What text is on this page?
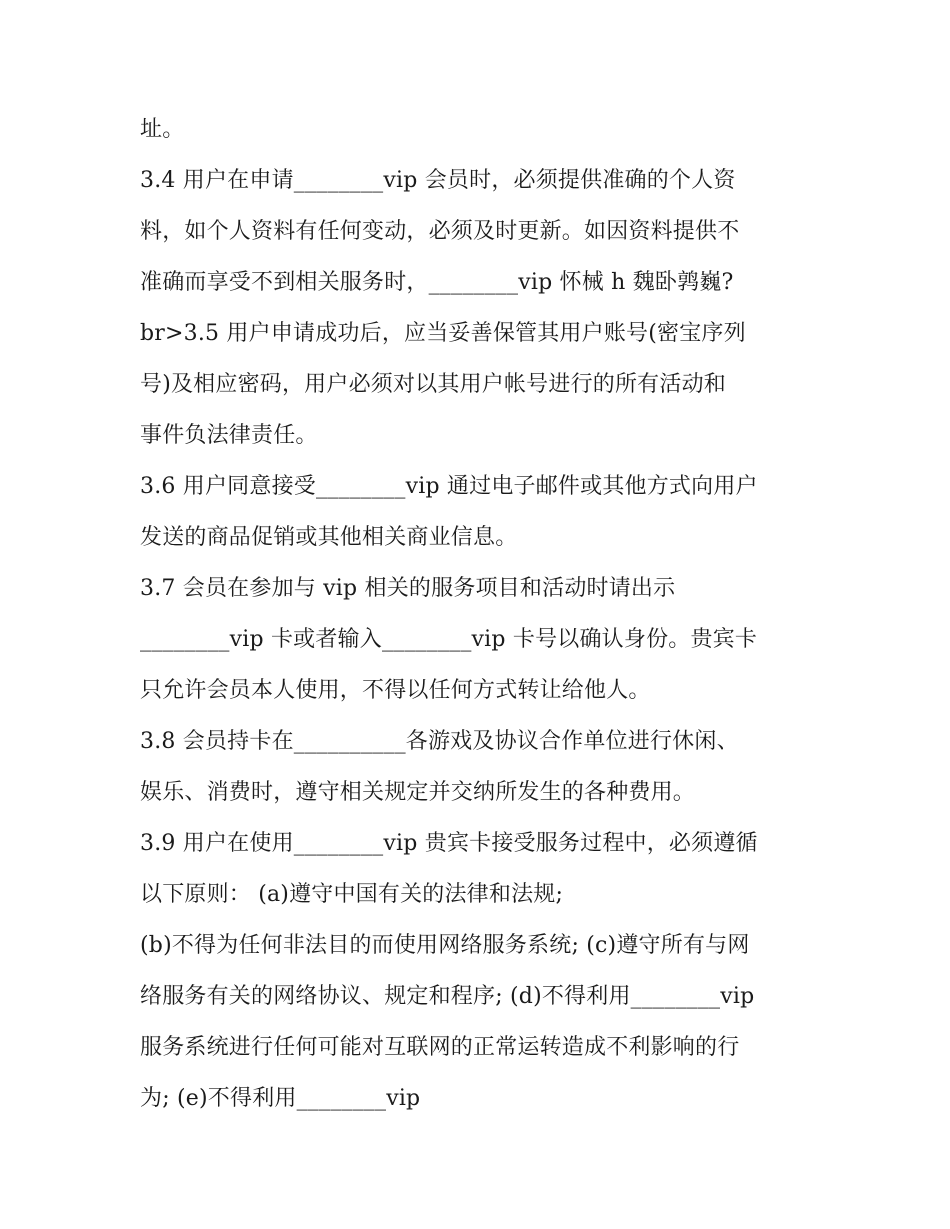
址。
3.4 用户在申请________vip 会员时，必须提供准确的个人资
料，如个人资料有任何变动，必须及时更新。如因资料提供不
准确而享受不到相关服务时，________vip 怀械 h 魏卧鹑巍?
br>3.5 用户申请成功后，应当妥善保管其用户账号(密宝序列
号)及相应密码，用户必须对以其用户帐号进行的所有活动和
事件负法律责任。
3.6 用户同意接受________vip 通过电子邮件或其他方式向用户
发送的商品促销或其他相关商业信息。
3.7 会员在参加与 vip 相关的服务项目和活动时请出示
________vip 卡或者输入________vip 卡号以确认身份。贵宾卡
只允许会员本人使用，不得以任何方式转让给他人。
3.8 会员持卡在__________各游戏及协议合作单位进行休闲、
娱乐、消费时，遵守相关规定并交纳所发生的各种费用。
3.9 用户在使用________vip 贵宾卡接受服务过程中，必须遵循
以下原则： (a)遵守中国有关的法律和法规;
(b)不得为任何非法目的而使用网络服务系统; (c)遵守所有与网
络服务有关的网络协议、规定和程序; (d)不得利用________vip
服务系统进行任何可能对互联网的正常运转造成不利影响的行
为; (e)不得利用________vip
